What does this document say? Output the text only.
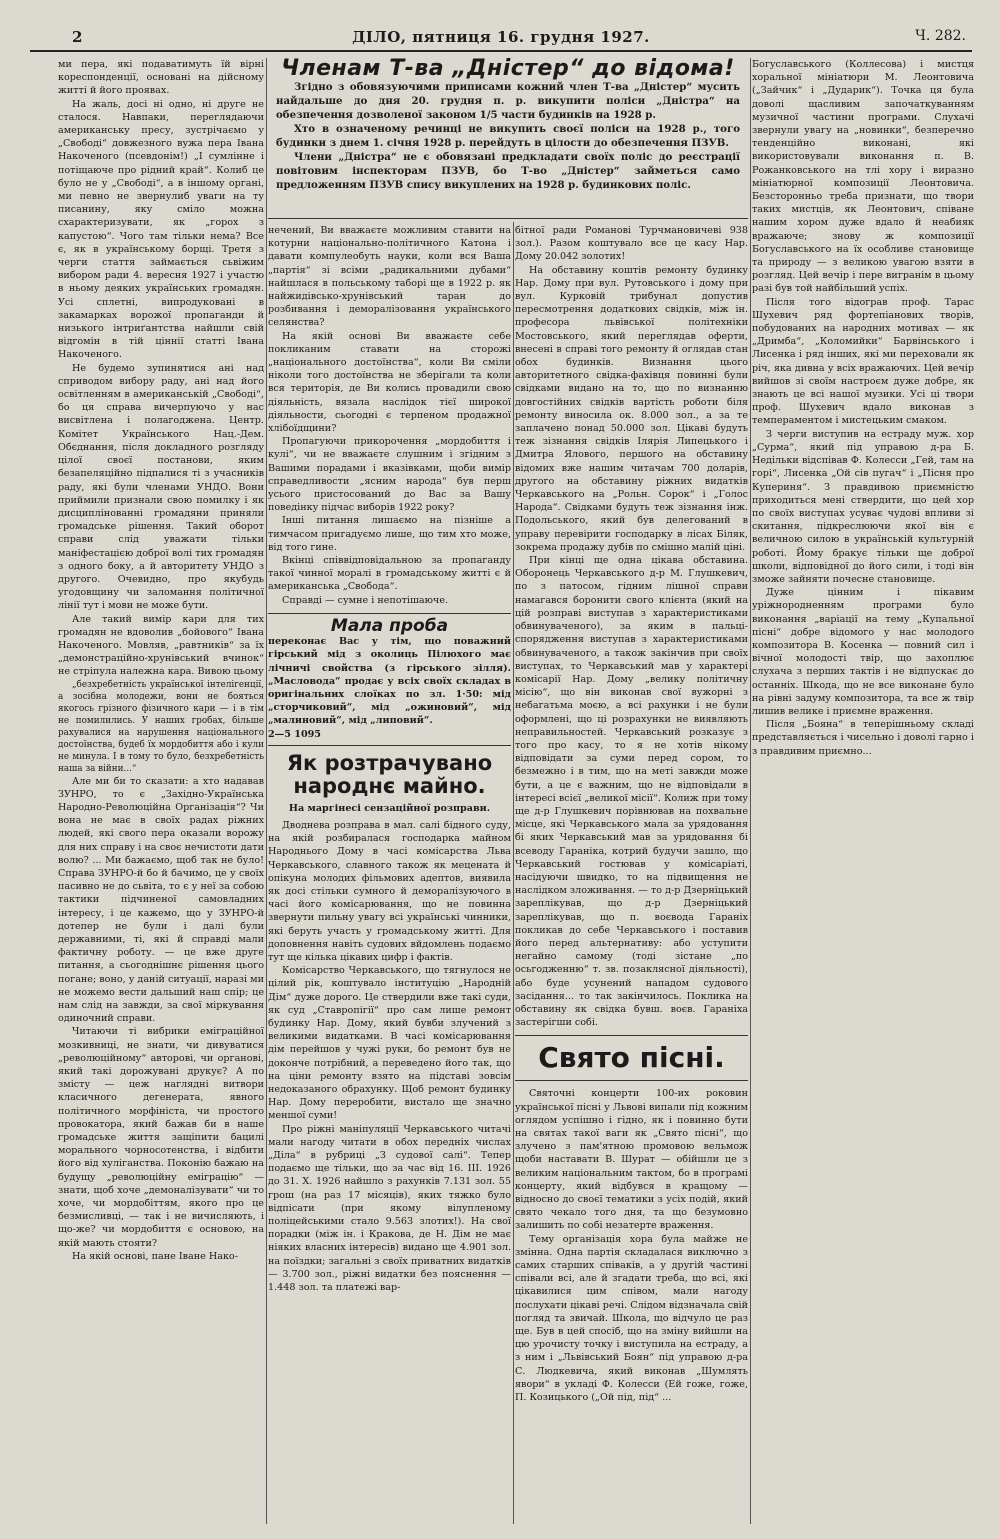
2	ДІЛО, пятниця 16. грудня 1927.	Ч. 282.

ми пера, які подаватимуть їй вірні кореспонденції, основані на дійсному житті й його проявах.

На жаль, досі ні одно, ні друге не сталося. Навпаки, переглядаючи американську пресу, зустрічаємо у „Свободі“ довжезного вужа пера Івана Накоченого (псевдонім!) „І сумлінне і потіщаюче про рідний край“. Колиб це було не у „Свободі“, а в іншому органі, ми певно не звернулиб уваги на ту писанину, яку сміло можна схарактеризувати, як „горох з капустою“. Чого там тільки нема? Все є, як в українському борщі. Третя з черги стаття займається сьвіжим вибором ради 4. вересня 1927 і участю в ньому деяких українських громадян. Усі сплетні, випродуковані в закамарках ворожої пропаганди й низького інтриґантства найшли свій відгомін в тій ціннії статті Івана Накоченого.

Не будемо зупинятися ані над сприводом вибору раду, ані над його освітленням в американській „Свободі“, бо ця справа вичерпуючо у нас висвітлена і полагоджена. Центр. Комітет Українського Нац.-Дем. Обєднання, після докладного розгляду цілої своєї постанови, яким безапеляційно підпалися ті з учасників раду, які були членами УНДО. Вони приймили признали свою помилку і як дисциплінованні громадяни приняли громадське рішення. Такий оборот справи слід уважати тільки маніфестацією доброї волі тих громадян з одного боку, а й авторитету УНДО з другого. Очевидно, про якубудь угодовщину чи заломання політичної лінії тут і мови не може бути.

Але такий вимір кари для тих громадян не вдоволив „бойового“ Івана Накоченого. Мовляв, „равтників“ за їх „демонстраційно-хрунівський вчинок“ не стріпула належна кара. Вивою цьому

„безхребетність української інтелігенції, а зосібна молодежи, вони не бояться якогось грізного фізичного кари — і в тім не помилились. У наших гробах, більше рахувалися на нарушення національного достоїнства, будеб їх мордобиття або і кули не минула. І в тому то було, безхребетність наша за війни...“

Але ми би то сказати: а хто надавав ЗУНРО, то є „Західно-Українська Народно-Революційна Організація“? Чи вона не має в своїх радах ріжних людей, які свого пера оказали ворожу для них справу і на своє нечистоти дати волю? ... Ми бажаємо, щоб так не було! Справа ЗУНРО-й бо й бачимо, це у своїх пасивно не до сьвіта, то є у неї за собою тактики підчиненої самовладних інтересу, і це кажемо, що у ЗУНРО-й дотепер не були і далі були державними, ті, які й справді мали фактичну роботу. — це вже друге питання, а сьогоднішнє рішення цього погане; воно, у даній ситуації, наразі ми не можемо вести дальший наш спір; це нам слід на завжди, за свої міркування одиночний справи.

Читаючи ті вибрики еміграційної мозкивниці, не знати, чи дивуватися „революційному“ авторові, чи органові, який такі дорожувані друкує? А по змісту — цеж наглядні витвори класичного дегенерата, явного політичного морфініста, чи простого провокатора, який бажав би в наше громадське життя защіпити бацилі морального чорносотенства, і відбити його від хуліганства. Поконію бажаю на будущу „революційну еміграцію“ — знати, щоб хоче „демоналізувати“ чи то хоче, чи мордобіттям, якого про це безмисливці, — так і не вичисляють, і що-же? чи мордобиття є основою, на якій мають стояти?

На якій основі, пане Іване Нако-

Членам Т-ва „Дністер“ до відома!

Згідно з обовязуючими приписами кожний член Т-ва „Дністер“ мусить найдальше до дня 20. грудня п. р. викупити поліси „Дністра“ на обезпечення дозволеної законом 1/5 части будинків на 1928 р.

Хто в означеному речинці не викупить своєї поліси на 1928 р., того будинки з днем 1. січня 1928 р. перейдуть в цілости до обезпечення ПЗУВ.

Члени „Дністра“ не є обовязані предкладати своїх поліс до реєстрації повітовим інспекторам ПЗУВ, бо Т-во „Дністер“ займеться само предложенням ПЗУВ спису викуплених на 1928 р. будинкових поліс.

нечений, Ви вважаєте можливим ставити на котурни національно-політичного Катона і давати компулеобуть науки, коли вся Ваша „партія“ зі всіми „радикальними дубами“ найшлася в польському таборі ще в 1922 р. як найжидівсько-хрунівський таран до розбивання і деморалізовання українського селянства?

На якій основі Ви вважаєте себе покликаним ставати на сторожі „національного достоїнства“, коли Ви сміли ніколи того достоїнства не зберігали та коли вся територія, де Ви колись провадили свою діяльність, вязала наслідок тієї широкої діяльности, сьогодні є терпеном продажної хлібоїдщини?

Пропагуючи прикорочення „мордобиття і кулі“, чи не вважаєте слушним і згідним з Вашими порадами і вказівками, щоби вимір справедливости „ясним народа“ був перш усього пристосований до Вас за Вашу поведінку підчас виборів 1922 року?

Інші питання лишаємо на пізніше а тимчасом пригадуємо лише, що тим хто може, від того гине.

Вкінці співвідповідальною за пропаганду такої чинної моралі в громадському житті є й американська „Свобода“.

Справді — сумне і непотішаюче.

Мала проба
переконає Вас у тім, що поважний гірський мід з околиць Пілюхого має лічничі свойства (з гірського зілля). „Масловода“ продає у всіх своїх складах в оригінальних слоїках по зл. 1·50: мід „сторчиковий“, мід „ожиновий“, мід „малиновий“, мід „липовий“.
2—5 1095
Як розтрачувано народнє майно.
На маргінесі сензаційної розправи.

Дводнева розправа в мал. салі бідного суду, на якій розбиралася господарка майном Народнього Дому в часі комісарства Льва Черкавського, славного також як мецената й опікуна молодих фільмових адептов, виявила як досі стільки сумного й деморалізуючого в часі його комісарювання, що не повинна звернути пильну увагу всі українські чинники, які беруть участь у громадському житті. Для доповнення навіть судових вйдомлень подаємо тут ще кілька цікавих цифр і фактів.

Комісарство Черкавського, що тягнулося не цілий рік, коштувало інституцію „Народній Дім“ дуже дорого. Це ствердили вже такі суди, як суд „Ставропігії“ про сам лише ремонт будинку Нар. Дому, який бувби злучений з великими видатками. В часі комісарювання дім перейшов у чужі руки, бо ремонт був не доконче потрібний, а переведено його так, що на ціни ремонту взято на підставі зовсім недоказаного обрахунку. Щоб ремонт будинку Нар. Дому переробити, вистало ще значно меншої суми!

Про ріжні маніпуляції Черкавського читачі мали нагоду читати в обох передніх числах „Діла“ в рубриці „З судової салі“. Тепер подаємо ще тільки, що за час від 16. ІІІ. 1926 до 31. X. 1926 найшло з рахунків 7.131 зол. 55 грош (на раз 17 місяців), яких тяжко було відпісати (при якому вілупленому поліцейськими стало 9.563 злотих!). На свої порадки (між ін. і Кракова, де Н. Дім не має ніяких власних інтересів) видано ще 4.901 зол. на поїздки; загальні з своїх приватних видатків — 3.700 зол., ріжні видатки без пояснення — 1.448 зол. та платежі вар-

бітної ради Романові Турчмановичеві 938 зол.). Разом коштувало все це касу Нар. Дому 20.042 золотих!

На обставину коштів ремонту будинку Нар. Дому при вул. Рутовського і дому при вул. Курковій трибунал допустив пересмотрення додаткових свідків, між ін. професора львівської політехніки Мостовського, який переглядав оферти, внесені в справі того ремонту й оглядав стан обох будинків. Визнання цього авторитетного свідка-фахівця повинні були свідками видано на то, що по визнанню довгостійних свідків вартість роботи біля ремонту виносила ок. 8.000 зол., а за те заплачено понад 50.000 зол. Цікаві будуть теж зізнання свідків Ілярія Липецького і Дмитра Ялового, першого на обставину відомих вже нашим читачам 700 доларів, другого на обставину ріжних видатків Черкавського на „Рольн. Сорок“ і „Голос Народа“. Свідками будуть теж зізнання інж. Подольського, який був делегований в управу перевірити господарку в лісах Біляк, зокрема продажу дубів по смішно малій ціні.

При кінці ще одна цікава обставина. Оборонець Черкавського д-р М. Глушкевич, по з патосом, гідним лішної справи намагався боронити свого клієнта (який на цій розправі виступав з характеристиками обвинуваченого), за яким в пальці-спорядження виступав з характеристиками обвинуваченого, а також закінчив при своїх виступах, то Черкавський мав у характері комісарії Нар. Дому „велику політичну місію“, що він виконав свої вужорні з небагатьма моєю, а всі рахунки і не були оформлені, що ці розрахунки не виявляють неправильностей. Черкавський розказує з того про касу, то я не хотів нікому відповідати за суми перед сором, то безмежно і в тим, що на меті завжди може бути, а це є важним, що не відповідали в інтересі всієї „великої місії“. Колиж при тому ще д-р Глушкевич порівнював на похвальне місце, які Черкавського мала за урядовання бі яких Черкавський мав за урядовання бі всеводу Гараніка, котрий будучи зашло, що Черкавський гостював у комісаріаті, насідуючи швидко, то на підвищення не наслідком зложивання. — то д-р Дзерніцький зареплікував, що д-р Дзерніцький зареплікував, що п. воєвода Гараніх покликав до себе Черкавського і поставив його перед альтернативу: або уступити негайно самому (тоді зістане „по осьгодженню“ т. зв. позаклясної діяльності), або буде усунений нападом судового засідання... то так закінчилось. Поклика на обставину як свідка бувш. воєв. Гараніха застерігши собі.

Свято пісні.

Святочні концерти 100-их роковин української пісні у Львові випали під кожним оглядом успішно і гідно, як і повинно бути на святах такої ваги як „Свято пісні“, що злучено з пам'ятною промовою вельмож щоби наставати В. Шурат — обійшли це з великим національним тактом, бо в програмі концерту, який відбувся в кращому — відносно до своєї тематики з усіх подій, який свято чекало того дня, та що безумовно залишить по собі незатерте враження.

Тему організація хора була майже не змінна. Одна партія складалася виключно з самих старших співаків, а у другій частині співали всі, але й згадати треба, що всі, які цікавилися цим співом, мали нагоду послухати цікаві речі. Слідом відзначала свій погляд та звичай. Школа, що відчуло це раз ще. Був в цей спосіб, що на зміну вийшли на цю урочисту точку і виступила на естраду, а з ним і „Львівський Боян“ під управою д-ра С. Людкевича, який виконав „Шумлять явори“ в укладі Ф. Колесси (Ей гоже, гоже, П. Козицького („Ой під, під“ ...

Богуславського (Коллесова) і мистця хоральної мініатюри М. Леонтовича („Зайчик“ і „Дударик“). Точка ця була доволі щасливим започаткуванням музичної частини програми. Слухачі звернули увагу на „новинки“, безперечно тенденційно виконані, які використовували виконання п. В. Рожанковського на тлі хору і виразно мініатюрної композиції Леонтовича. Безсторонньо треба признати, що твори таких мистців, як Леонтович, співане нашим хором дуже вдало й неабияк вражаюче; знову ж композиції Богуславського на їх особливе становище та природу — з великою увагою взяти в розгляд. Цей вечір і пере вигранім в цьому разі був той найбільший успіх.

Після того відограв проф. Тарас Шухевич ряд фортепіанових творів, побудованих на народних мотивах — як „Дримба“, „Коломийки“ Барвінського і Лисенка і ряд інших, які ми переховали як річ, яка дивна у всіх вражаючих. Цей вечір вийшов зі своїм настроєм дуже добре, як знають це всі нашої музики. Усі ці твори проф. Шухевич вдало виконав з темпераментом і мистецьким смаком.

З черги виступив на естраду муж. хор „Сурма“, який під управою д-ра Б. Недільки відспівав Ф. Колесси „Гей, там на горі“, Лисенка „Ой сів пугач“ і „Пісня про Купериня“. З правдивою приємністю приходиться мені ствердити, що цей хор по своїх виступах усуває чудові впливи зі скитання, підкреслюючи якої він є величною силою в українській культурній роботі. Йому бракує тільки ще доброї школи, відповідної до його сили, і тоді він зможе зайняти почесне становище.

Дуже цінним і пікавим уріжнородненням програми було виконання „варіації на тему „Купальної пісні“ добре відомого у нас молодого композитора В. Косенка — повний сил і вічної молодості твір, що захоплює слухача з перших тактів і не відпускає до останніх. Шкода, що не все виконане було на рівні задуму композитора, та все ж твір лишив велике і приємне враження.

Після „Бояна“ в теперішньому складі представляється і чисельно і доволі гарно і з правдивим приємно...
